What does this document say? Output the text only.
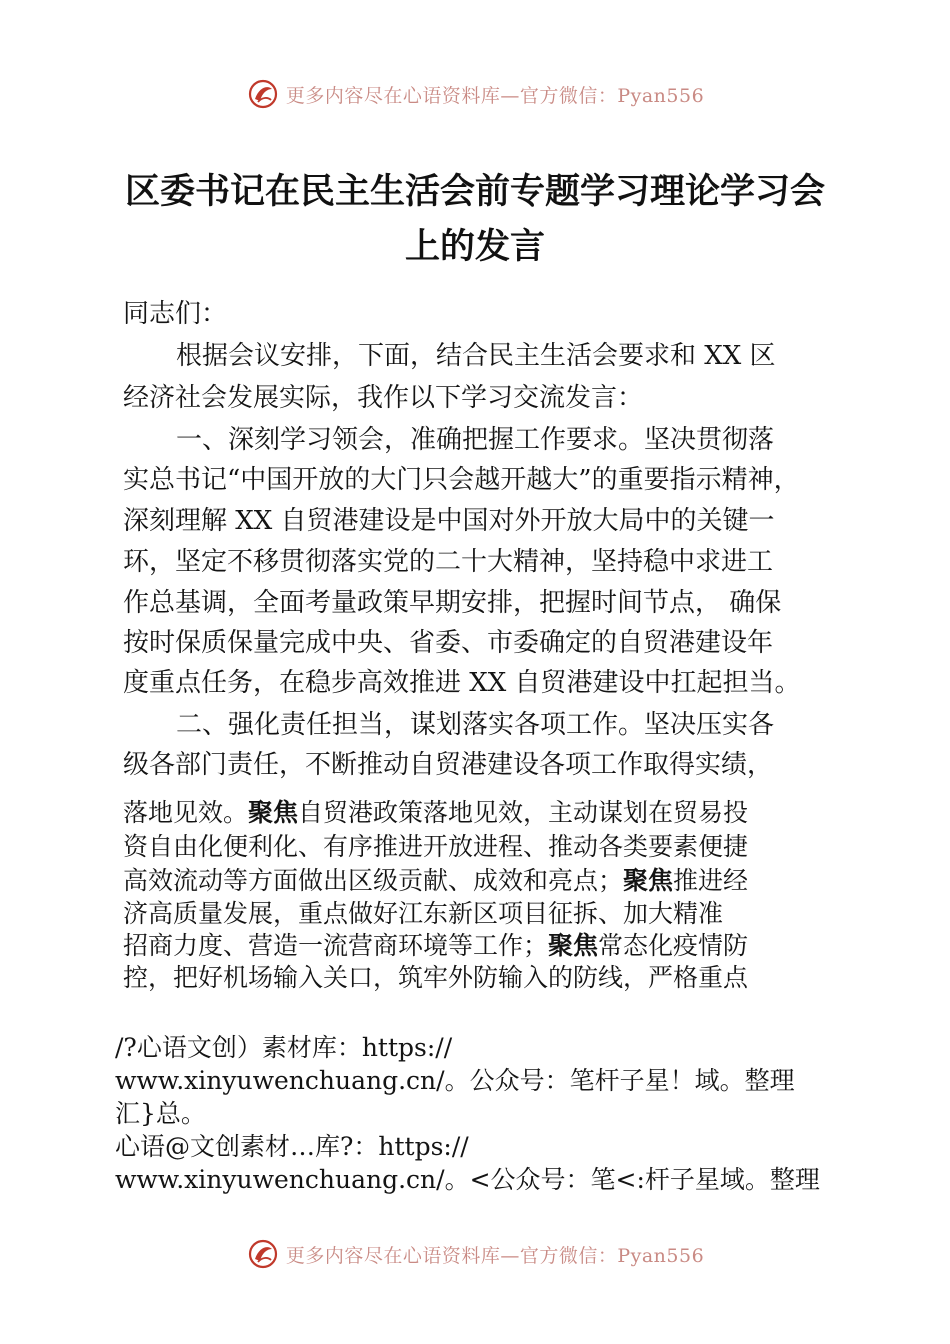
更多内容尽在心语资料库—官方微信：Pyan556
区委书记在民主生活会前专题学习理论学习会
上的发言
同志们：
根据会议安排，下面，结合民主生活会要求和 XX 区
经济社会发展实际，我作以下学习交流发言：
一、深刻学习领会，准确把握工作要求。坚决贯彻落
实总书记“中国开放的大门只会越开越大”的重要指示精神，
深刻理解 XX 自贸港建设是中国对外开放大局中的关键一
环，坚定不移贯彻落实党的二十大精神，坚持稳中求进工
作总基调，全面考量政策早期安排，把握时间节点， 确保
按时保质保量完成中央、省委、市委确定的自贸港建设年
度重点任务，在稳步高效推进 XX 自贸港建设中扛起担当。
二、强化责任担当，谋划落实各项工作。坚决压实各
级各部门责任，不断推动自贸港建设各项工作取得实绩，
落地见效。聚焦自贸港政策落地见效，主动谋划在贸易投
资自由化便利化、有序推进开放进程、推动各类要素便捷
高效流动等方面做出区级贡献、成效和亮点；聚焦推进经
济高质量发展，重点做好江东新区项目征拆、加大精准
招商力度、营造一流营商环境等工作；聚焦常态化疫情防
控，把好机场输入关口，筑牢外防输入的防线，严格重点
/?心语文创）素材库：https://
www.xinyuwenchuang.cn/。公众号：笔杆子星！域。整理
汇}总。
心语@文创素材…库?：https://
www.xinyuwenchuang.cn/。<公众号：笔<:杆子星域。整理
更多内容尽在心语资料库—官方微信：Pyan556
